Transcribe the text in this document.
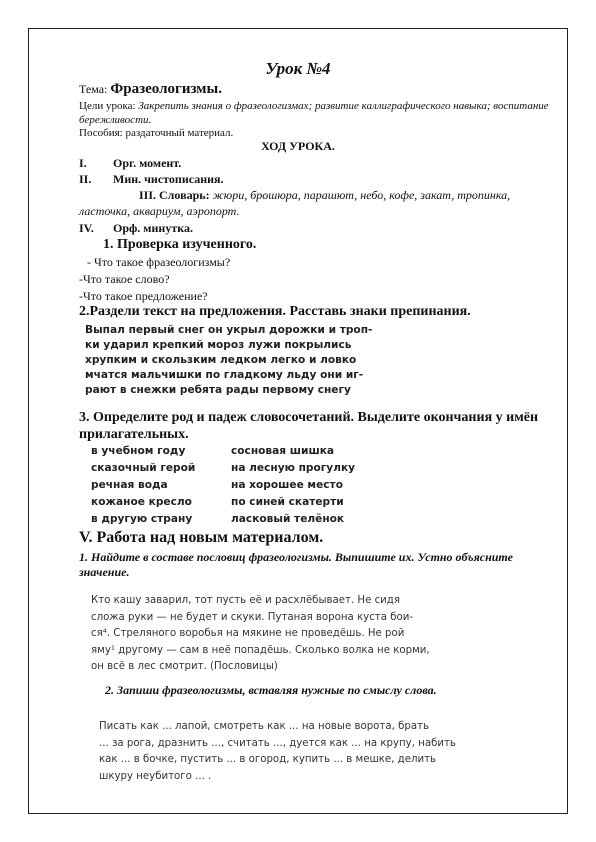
Урок №4
Тема: Фразеологизмы.
Цели урока: Закрепить знания о фразеологизмах; развитие каллиграфического навыка; воспитание бережливости.
Пособия: раздаточный материал.
ХОД УРОКА.
I. Орг. момент.
II. Мин. чистописания.
III. Словарь: жюри, брошюра, парашют, небо, кофе, закат, тропинка, ласточка, аквариум, аэропорт.
IV. Орф. минутка.
1. Проверка изученного.
- Что такое фразеологизмы?
-Что такое слово?
-Что такое предложение?
2.Раздели текст на предложения. Расставь знаки препинания.
Выпал первый снег он укрыл дорожки и троп-
ки ударил крепкий мороз лужи покрылись
хрупким и скользким ледком легко и ловко
мчатся мальчишки по гладкому льду они иг-
рают в снежки ребята рады первому снегу
3. Определите род и падеж словосочетаний. Выделите окончания у имён прилагательных.
в учебном году
сказочный герой
речная вода
кожаное кресло
в другую страну
сосновая шишка
на лесную прогулку
на хорошее место
по синей скатерти
ласковый телёнок
V. Работа над новым материалом.
1. Найдите в составе пословиц фразеологизмы. Выпишите их. Устно объясните значение.
Кто кашу заварил, тот пусть её и расхлёбывает. Не сидя
сложа руки — не будет и скуки. Путаная ворона куста бои-
ся⁴. Стреляного воробья на мякине не проведёшь. Не рой
яму¹ другому — сам в неё попадёшь. Сколько волка не корми,
он всё в лес смотрит. (Пословицы)
2. Запиши фразеологизмы, вставляя нужные по смыслу слова.
Писать как ... лапой, смотреть как ... на новые ворота, брать
... за рога, дразнить ..., считать ..., дуется как ... на крупу, набить
как ... в бочке, пустить ... в огород, купить ... в мешке, делить
шкуру неубитого ... .
